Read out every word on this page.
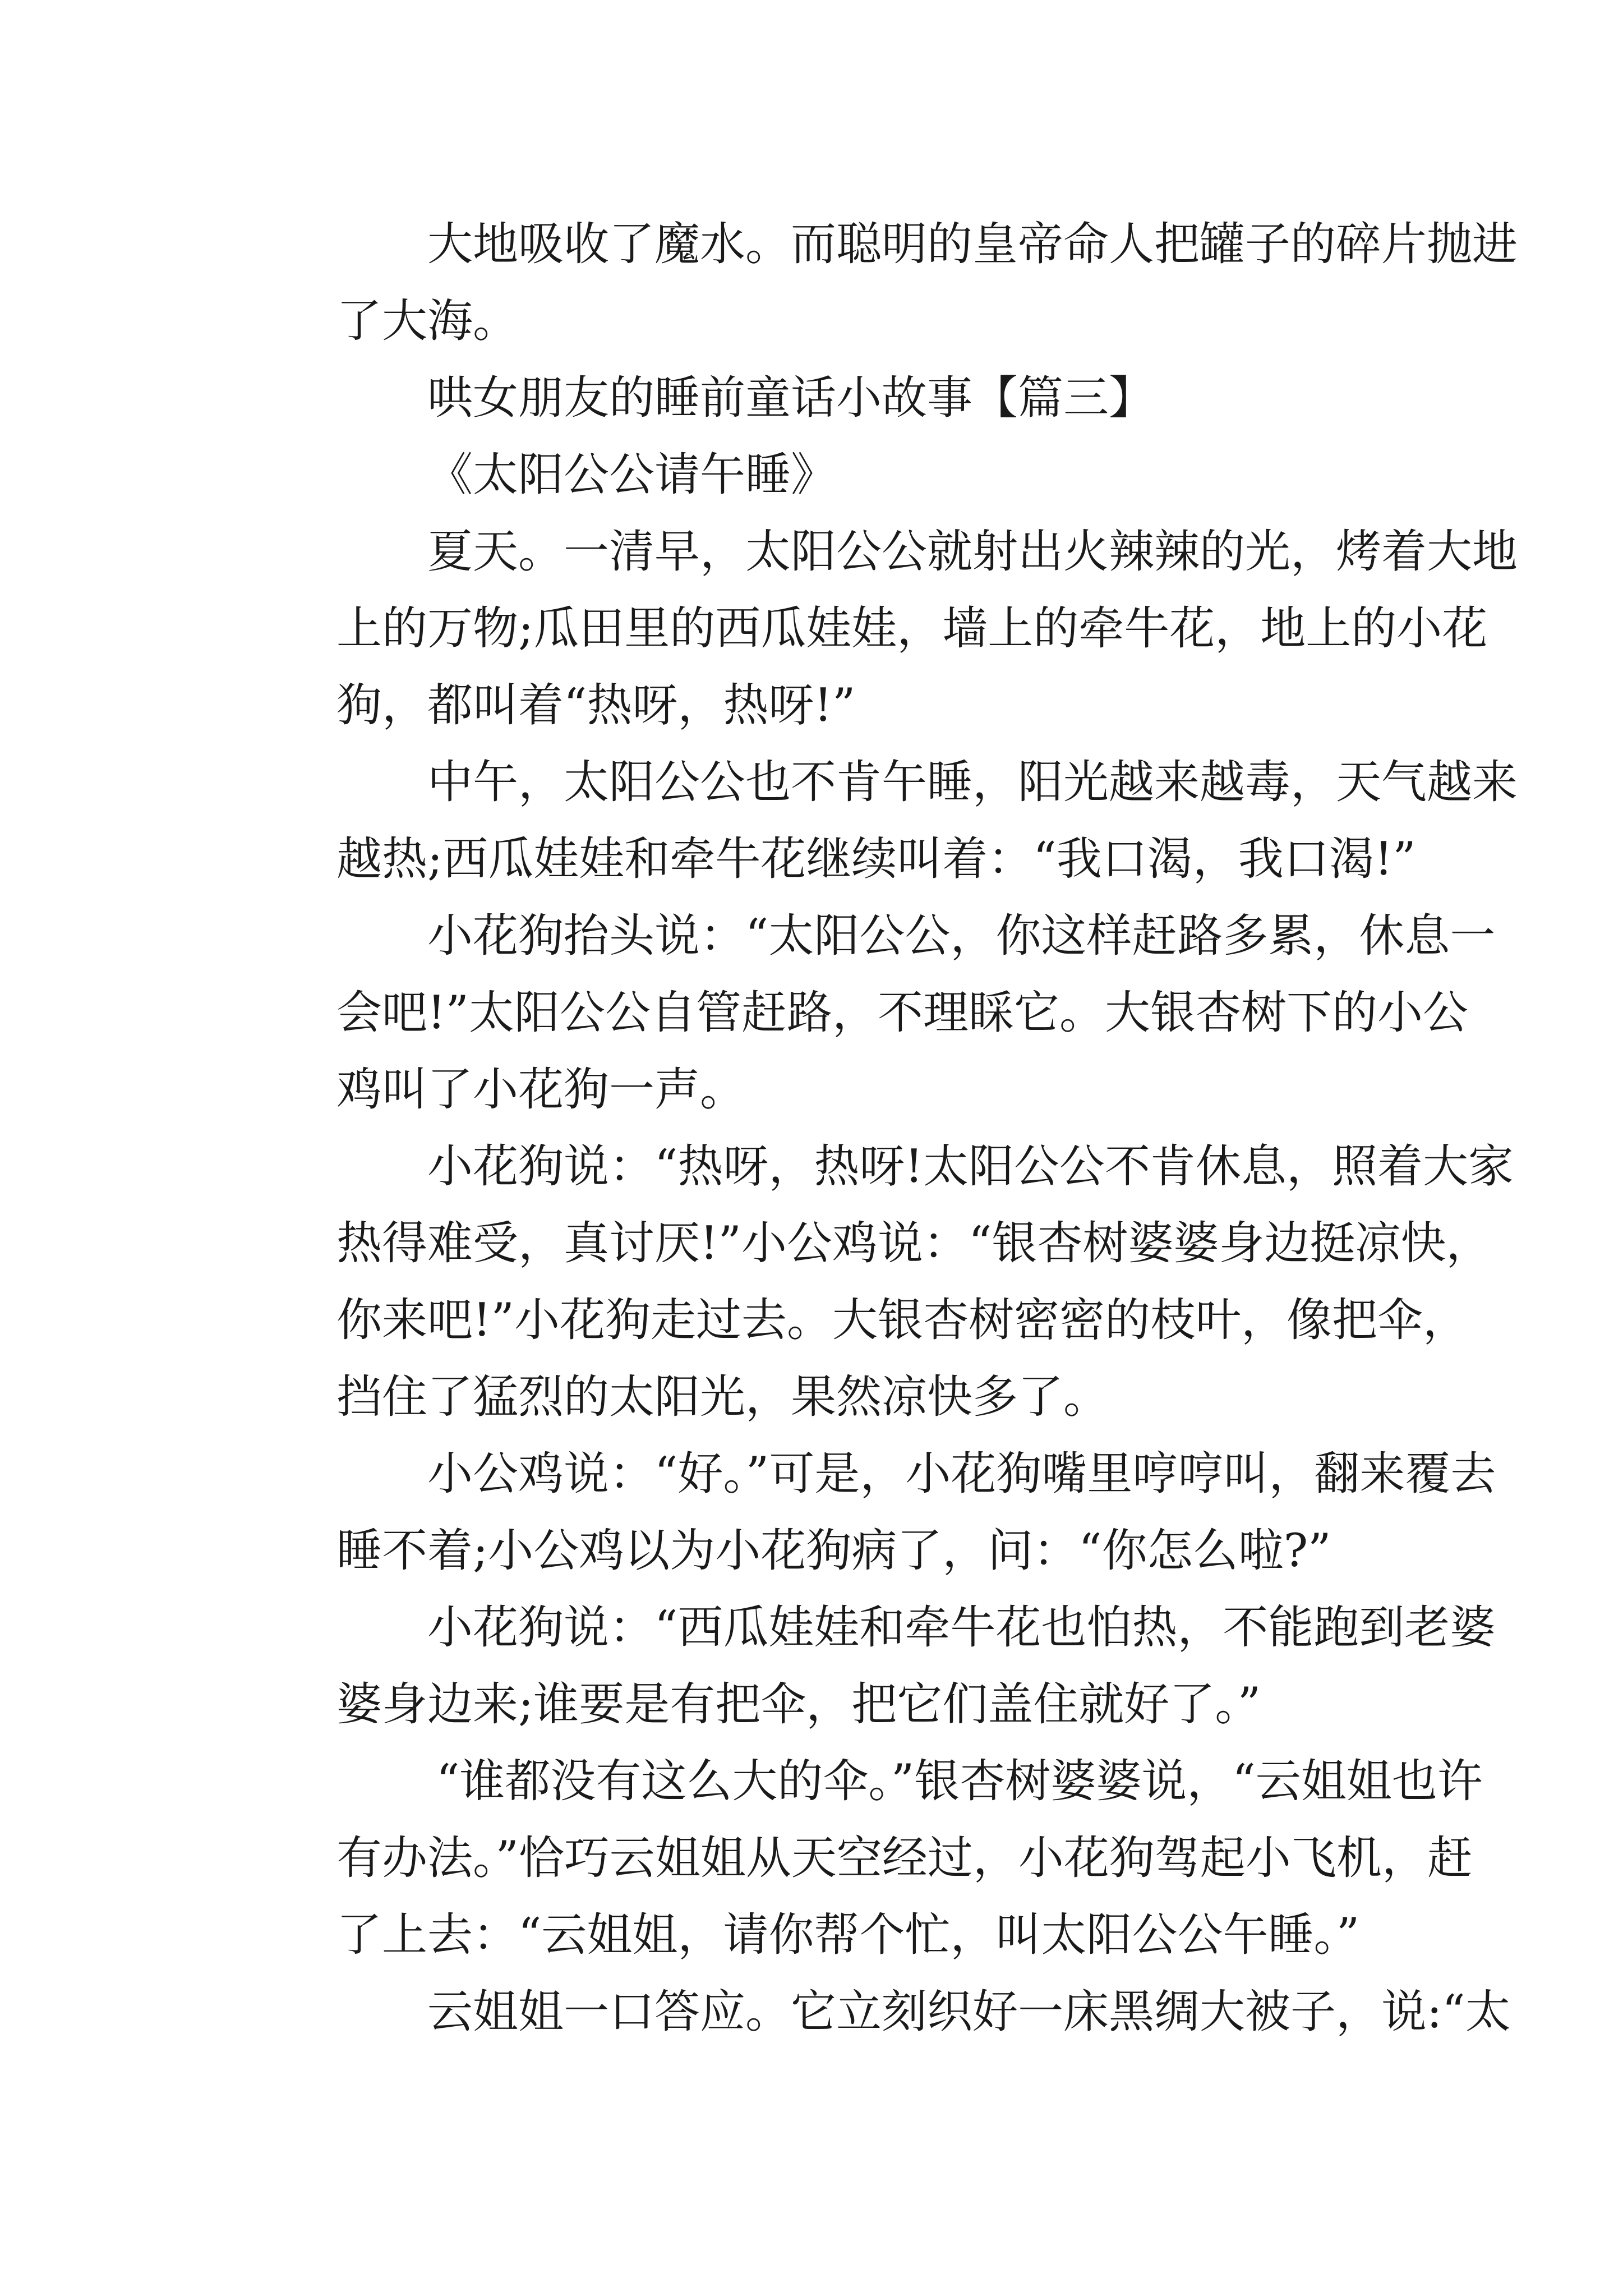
大地吸收了魔水。而聪明的皇帝命人把罐子的碎片抛进
了大海。
哄女朋友的睡前童话小故事【篇三】
《太阳公公请午睡》
夏天。一清早，太阳公公就射出火辣辣的光，烤着大地
上的万物;瓜田里的西瓜娃娃，墙上的牵牛花，地上的小花
狗，都叫着“热呀，热呀!”
中午，太阳公公也不肯午睡，阳光越来越毒，天气越来
越热;西瓜娃娃和牵牛花继续叫着：“我口渴，我口渴!”
小花狗抬头说：“太阳公公，你这样赶路多累，休息一
会吧!”太阳公公自管赶路，不理睬它。大银杏树下的小公
鸡叫了小花狗一声。
小花狗说：“热呀，热呀!太阳公公不肯休息，照着大家
热得难受，真讨厌!”小公鸡说：“银杏树婆婆身边挺凉快，
你来吧!”小花狗走过去。大银杏树密密的枝叶，像把伞，
挡住了猛烈的太阳光，果然凉快多了。
小公鸡说：“好。”可是，小花狗嘴里哼哼叫，翻来覆去
睡不着;小公鸡以为小花狗病了，问：“你怎么啦?”
小花狗说：“西瓜娃娃和牵牛花也怕热，不能跑到老婆
婆身边来;谁要是有把伞，把它们盖住就好了。”
“谁都没有这么大的伞。”银杏树婆婆说，“云姐姐也许
有办法。”恰巧云姐姐从天空经过，小花狗驾起小飞机，赶
了上去：“云姐姐，请你帮个忙，叫太阳公公午睡。”
云姐姐一口答应。它立刻织好一床黑绸大被子，说:“太
